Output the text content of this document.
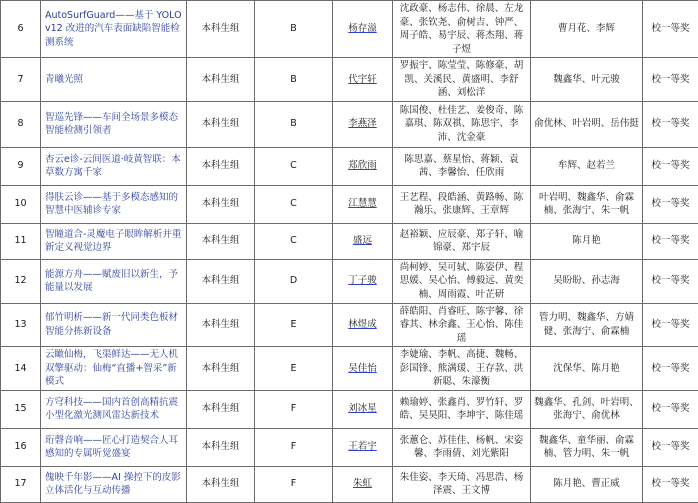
6	AutoSurfGuard——基于 YOLOv12 改进的汽车表面缺陷智能检测系统	本科生组	B	杨存溢	沈政豪、杨志伟、徐晨、左龙豪、张钦尧、俞树吉、钟严、周子皓、易宇辰、蒋杰翔、蒋子煜	曹月花、李辉	校一等奖
7	青曦光照	本科生组	B	代宇轩	罗振宇、陈莹莹、陈修豪、胡凯、关溪民、黄盛明、李舒涵、刘松洋	魏鑫华、叶元骏	校一等奖
8	智巡先锋——车间全场景多模态智能检测引领者	本科生组	B	李燕泽	陈国俊、杜佳艺、姜俊奇、陈嘉琪、陈双祺、陈思宇、李沛、沈金豪	俞优林、叶岩明、岳伟挺	校一等奖
9	杏云e诊-云间医道·岐黄智联：本草数方寓千家	本科生组	C	郑欣雨	陈思嘉、蔡星怡、蒋颖、袁茜、李馨怡、任欣雨	牟辉、赵若兰	校一等奖
10	得肤云诊——基于多模态感知的智慧中医辅诊专家	本科生组	C	江慧慧	王艺程、段皓涵、黄路畅、陈瀚乐、张康辉、王章辉	叶岩明、魏鑫华、俞霖楠、张海宁、朱一帆	校一等奖
11	智瞳道合-灵魔电子眼眸解析并重新定义视觉边界	本科生组	C	盛远	赵裕颖、应辰豪、郑子轩、喻锦豪、郑宇辰	陈月艳	校一等奖
12	能源方舟——赋废旧以新生，予能量以发展	本科生组	D	丁子骏	尚柯婷、吴可轼、陈姿伊、程思媛、吴心怡、傅毅远、黄奕楠、周雨霞、叶芷研	吴盼盼、孙志海	校一等奖
13	郁竹明析——新一代同类色板材智能分拣新设备	本科生组	E	林煜成	薛皓阳、肖睿旺、陈宇馨、徐睿其、林余鑫、王心怡、陈佳瑶	管力明、魏鑫华、方婧健、张海宁、俞霖楠	校一等奖
14	云瞰仙梅，飞渠鲜达——无人机双擎驱动：仙梅“直播+智采”新模式	本科生组	E	吴佳怡	李婕瑜、李帆、高捷、魏畅、彭国锋、熊满瑗、王存款、洪新聪、朱濠衡	沈保华、陈月艳	校一等奖
15	方穹科技——国内首创高精抗震小型化激光测风雷达新技术	本科生组	F	刘冰星	赖瑜婷、张鑫肖、罗竹轩、罗皓、吴昊阳、李坤宇、陈佳瑶	魏鑫华、孔剑、叶岩明、张海宁、俞优林	校一等奖
16	珩磬音响——匠心打造契合人耳感知的专属听觉盛宴	本科生组	F	王若宇	张蕙仑、苏佳佳、杨帆、宋姿馨、李雨倩、刘光紫阳	魏鑫华、童华丽、俞霖楠、管力明、朱一帆	校一等奖
17	傀映千年影——AI 操控下的皮影立体活化与互动传播	本科生组	F	朱虹	朱佳姿、李天琦、冯思浩、杨泽震、王文博	陈月艳、曹正威	校一等奖
